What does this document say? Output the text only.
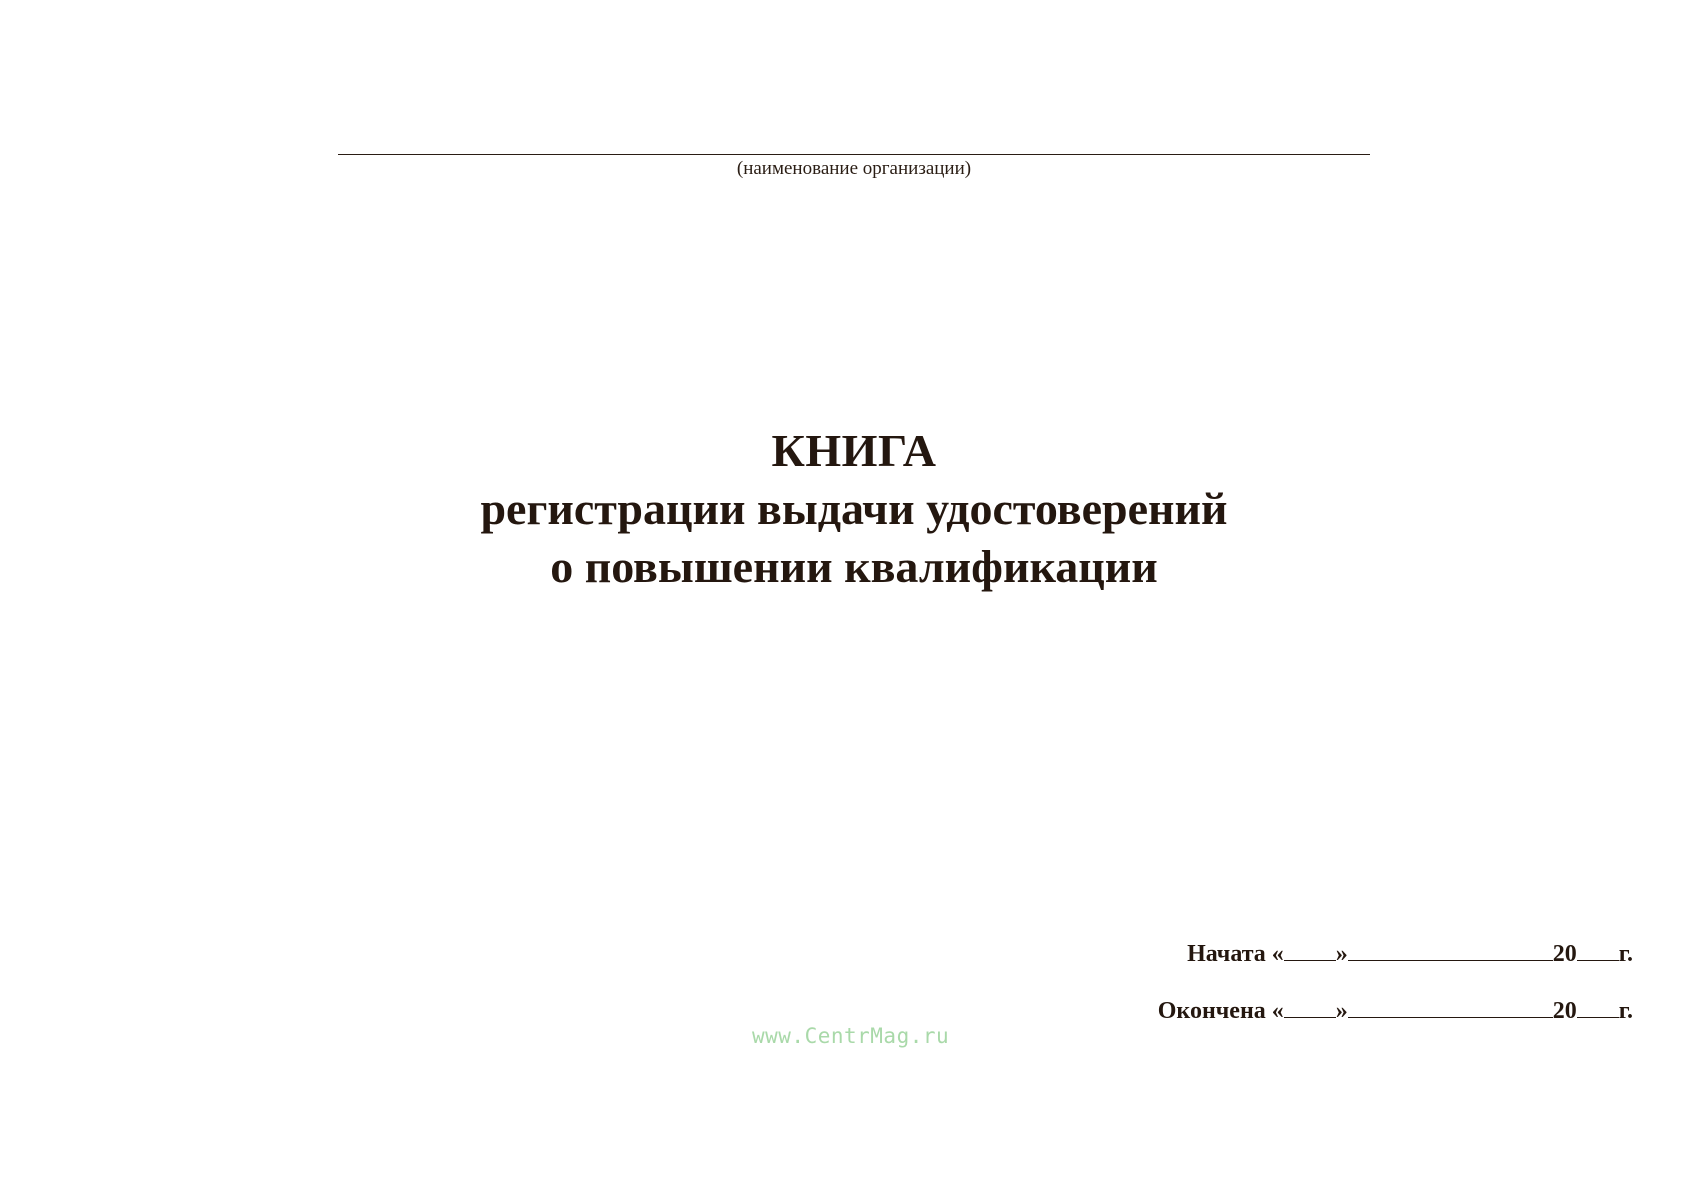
(наименование организации)
КНИГА
регистрации выдачи удостоверений
о повышении квалификации
Начата « »	20 г.
Окончена « »	20 г.
www.CentrMag.ru
